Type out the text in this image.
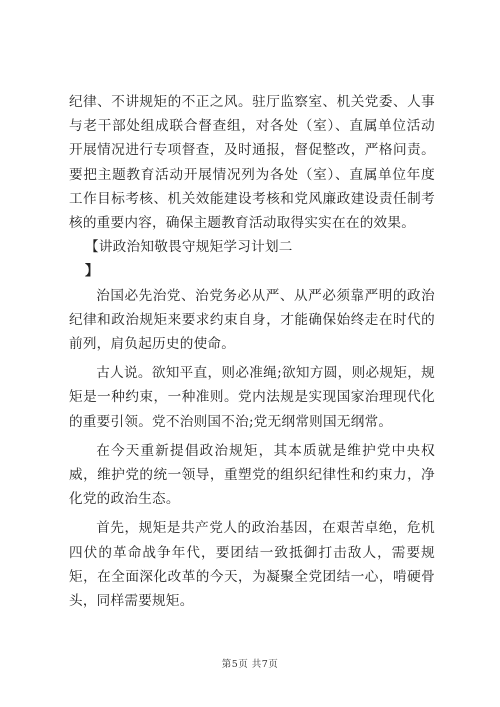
纪律、不讲规矩的不正之风。驻厅监察室、机关党委、人事与老干部处组成联合督查组，对各处（室）、直属单位活动开展情况进行专项督查，及时通报，督促整改，严格问责。要把主题教育活动开展情况列为各处（室）、直属单位年度工作目标考核、机关效能建设考核和党风廉政建设责任制考核的重要内容，确保主题教育活动取得实实在在的效果。

【讲政治知敬畏守规矩学习计划二
】

治国必先治党、治党务必从严、从严必须靠严明的政治纪律和政治规矩来要求约束自身，才能确保始终走在时代的前列，肩负起历史的使命。

古人说。欲知平直，则必准绳;欲知方圆，则必规矩，规矩是一种约束，一种准则。党内法规是实现国家治理现代化的重要引领。党不治则国不治;党无纲常则国无纲常。

在今天重新提倡政治规矩，其本质就是维护党中央权威，维护党的统一领导，重塑党的组织纪律性和约束力，净化党的政治生态。

首先，规矩是共产党人的政治基因，在艰苦卓绝，危机四伏的革命战争年代，要团结一致抵御打击敌人，需要规矩，在全面深化改革的今天，为凝聚全党团结一心，啃硬骨头，同样需要规矩。

第5页 共7页
